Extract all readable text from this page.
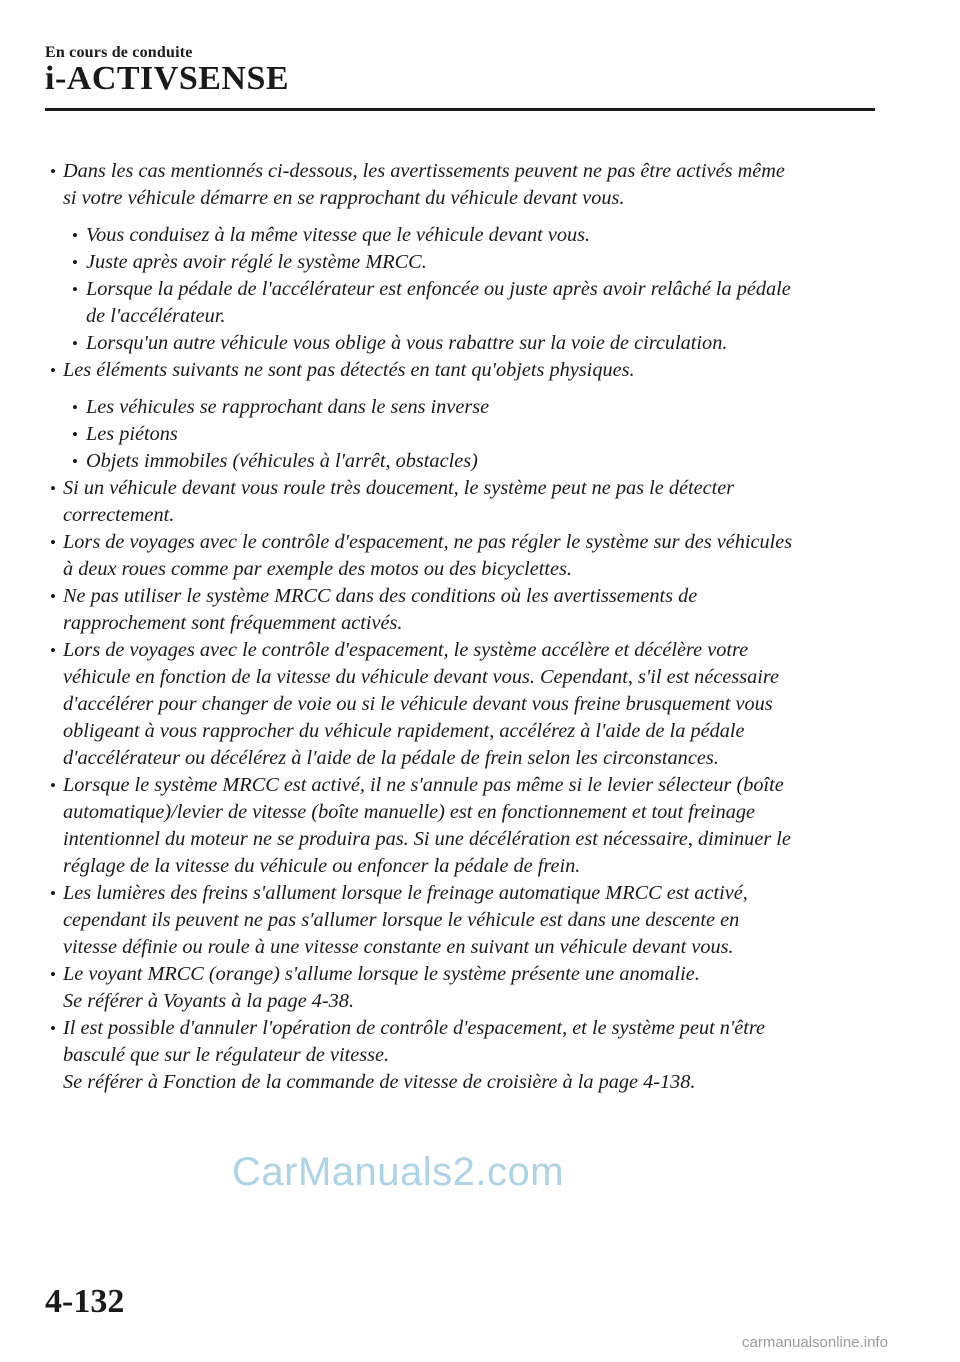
En cours de conduite
i-ACTIVSENSE
• Dans les cas mentionnés ci-dessous, les avertissements peuvent ne pas être activés même
si votre véhicule démarre en se rapprochant du véhicule devant vous.
• Vous conduisez à la même vitesse que le véhicule devant vous.
• Juste après avoir réglé le système MRCC.
• Lorsque la pédale de l'accélérateur est enfoncée ou juste après avoir relâché la pédale
de l'accélérateur.
• Lorsqu'un autre véhicule vous oblige à vous rabattre sur la voie de circulation.
• Les éléments suivants ne sont pas détectés en tant qu'objets physiques.
• Les véhicules se rapprochant dans le sens inverse
• Les piétons
• Objets immobiles (véhicules à l'arrêt, obstacles)
• Si un véhicule devant vous roule très doucement, le système peut ne pas le détecter
correctement.
• Lors de voyages avec le contrôle d'espacement, ne pas régler le système sur des véhicules
à deux roues comme par exemple des motos ou des bicyclettes.
• Ne pas utiliser le système MRCC dans des conditions où les avertissements de
rapprochement sont fréquemment activés.
• Lors de voyages avec le contrôle d'espacement, le système accélère et décélère votre
véhicule en fonction de la vitesse du véhicule devant vous. Cependant, s'il est nécessaire
d'accélérer pour changer de voie ou si le véhicule devant vous freine brusquement vous
obligeant à vous rapprocher du véhicule rapidement, accélérez à l'aide de la pédale
d'accélérateur ou décélérez à l'aide de la pédale de frein selon les circonstances.
• Lorsque le système MRCC est activé, il ne s'annule pas même si le levier sélecteur (boîte
automatique)/levier de vitesse (boîte manuelle) est en fonctionnement et tout freinage
intentionnel du moteur ne se produira pas. Si une décélération est nécessaire, diminuer le
réglage de la vitesse du véhicule ou enfoncer la pédale de frein.
• Les lumières des freins s'allument lorsque le freinage automatique MRCC est activé,
cependant ils peuvent ne pas s'allumer lorsque le véhicule est dans une descente en
vitesse définie ou roule à une vitesse constante en suivant un véhicule devant vous.
• Le voyant MRCC (orange) s'allume lorsque le système présente une anomalie.
Se référer à Voyants à la page 4-38.
• Il est possible d'annuler l'opération de contrôle d'espacement, et le système peut n'être
basculé que sur le régulateur de vitesse.
Se référer à Fonction de la commande de vitesse de croisière à la page 4-138.
CarManuals2.com
4-132
carmanualsonline.info
